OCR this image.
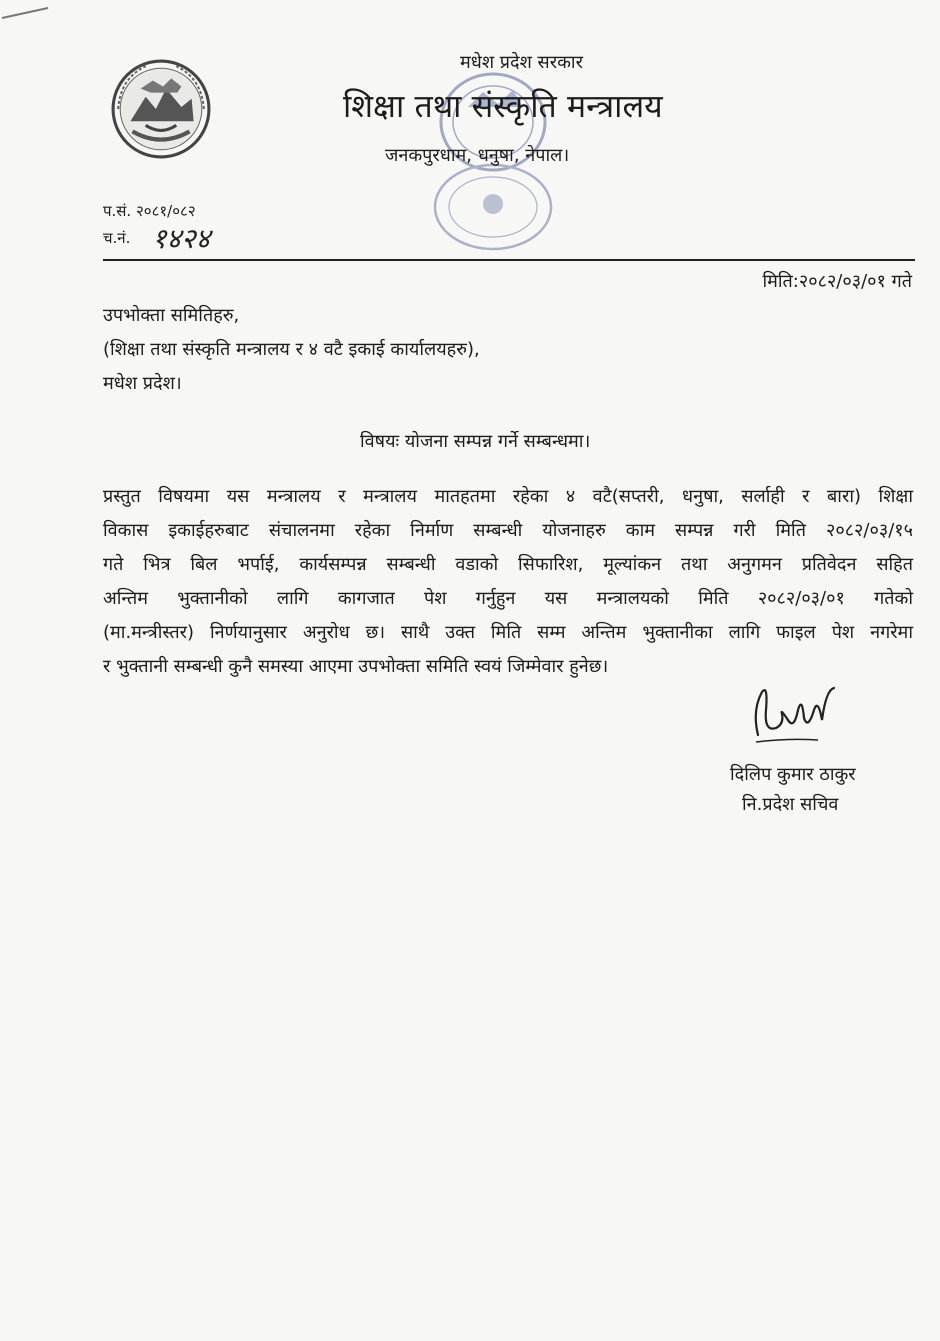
मधेश प्रदेश सरकार
शिक्षा तथा संस्कृति मन्त्रालय
जनकपुरधाम, धनुषा, नेपाल।
प.सं. २०८१/०८२
च.नं. १४२४
मिति:२०८२/०३/०१ गते
उपभोक्ता समितिहरु,
(शिक्षा तथा संस्कृति मन्त्रालय र ४ वटै इकाई कार्यालयहरु),
मधेश प्रदेश।
विषयः योजना सम्पन्न गर्ने सम्बन्धमा।
प्रस्तुत विषयमा यस मन्त्रालय र मन्त्रालय मातहतमा रहेका ४ वटै(सप्तरी, धनुषा, सर्लाही र बारा) शिक्षा
विकास इकाईहरुबाट संचालनमा रहेका निर्माण सम्बन्धी योजनाहरु काम सम्पन्न गरी मिति २०८२/०३/१५
गते भित्र बिल भर्पाई, कार्यसम्पन्न सम्बन्धी वडाको सिफारिश, मूल्यांकन तथा अनुगमन प्रतिवेदन सहित
अन्तिम भुक्तानीको लागि कागजात पेश गर्नुहुन यस मन्त्रालयको मिति २०८२/०३/०१ गतेको
(मा.मन्त्रीस्तर) निर्णयानुसार अनुरोध छ। साथै उक्त मिति सम्म अन्तिम भुक्तानीका लागि फाइल पेश नगरेमा
र भुक्तानी सम्बन्धी कुनै समस्या आएमा उपभोक्ता समिति स्वयं जिम्मेवार हुनेछ।
दिलिप कुमार ठाकुर
नि.प्रदेश सचिव
